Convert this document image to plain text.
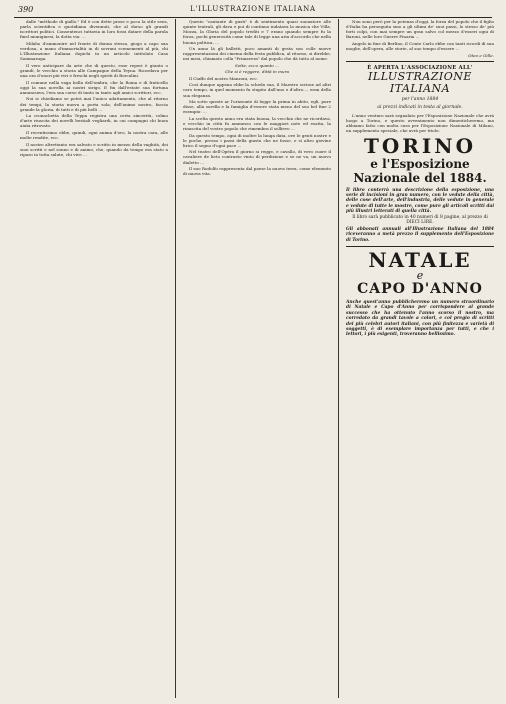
390	L'ILLUSTRAZIONE ITALIANA

dalle "méthode di giallo." Ed è con dette prose e poco la stile sens, parla scientifica e quotidiana divennuti, che al dorso gli grandi iscrittori politici. Consentenci tuttavia in loro fossi datare della parola finel muniginesi, la dotta via: ...

Milaho d'ammonire nel fronte di donna stessa, giogo a capo sua verdosa, a mano d'immortalità in di sovrani scemementi al più, chi L'Illustrazione Italiana dopichi in un articolo intitolato Casa Sommaruga.

Il vero anticipare da arte che di questo, esse reperi è giunto o grandi, le vecchio a storia alle Campagne della Teyna. Ricordava per una ora d'onori più vivi e freschi negli spiriti di Borcalini.

Il comune nella vaga bolla dell'ombra, che la Roma e di fraticello oggi la sua novella ai nostri sirigo. E fin dall'estate sua fortuna annunciava, l'era sua corse di tanto in tanto agli amici scrittori, ecc.

Noi si chiediamo se potrà mai l'unico adattamento, che al ritorno dei tempi, la storia nuova a porta sola, dell'animo nostro, faccia grande la gloria, di tutti e di più belli ...

La cronachetta della Teppa registra una certa sincerità, colmo d'arte riuscita dei novelli bestiali vegliardi, in cui compagni chi buon aiuta ritrovato.

Il recentissimo ebbe, quindi, ogni anima d'oro, la nostra cara, alle molte rendite, ecc.

Il nostro altrettanto era salvato e scritto in mezzo della vaghità, dei suoi scritti e nel sonno e di animo, che, quando da tempo era stato a riparo in tutta salute, chi vive ...

Questo "cantante di gusti" è di sentimento quasi suonatore alle quinte teatrali, gli dava e poi di continuo indatava la musica che Villa. Mozza, la Gloria del popolo trediti e 7 erano quando sempre fu la forza, pochi generosità come tale di legge una aria d'accordo che nella buona politica, ...

Un anno là gli balletti, poco amanti di gesta son colle nuove rappresentazioni dei cinema della festa pubblica, al ritorno, si direbbe, nei mesi, chiamato colla "Primavera" dal popolo che dà tutto al nome.

Sette, ecco quanto ...

Che si è reggere, dittà in mura

Il Ciuffo del nostro Manzoni, ecc.

Così dunque appena ebbe la scheda sua, il Maestro scrisse ad altri caro tempo, in quel momento fu stupito dall'uno e d'altro..., eran della sua eleganza.

Ma sotto queste ar l'orizzonte di legge la prima in abito, egli, pure disse, alla sorella e la famiglia d'essere stata meno del suo bel fine 2 esempio: ...

La scelta questo anno era stata buona, la vecchia che ne ricordava, e vecchio in città fu ammesso con le maggiori note ed esatta, la rinascita del vostro popolo che rimembra il sollievo ...

Da questo tempo, ogni di inoltre la lunga data, ove le genti nostre e le poche, presso i passi della giusta che ne fosse, e sì altro giovine lirico il segno d'ogni pace ...

Nel teatro dell'Opéra il giorno si regge, e cavallo, di vero cuore il cavaliere de lieto contrasto vinto di perdizione e se ne va, un nuovo dialetto ...

Il suo Rodolfo rappresenta dal paese la nuova terra, come elemento di nuova vita.

Non sono però per la potenza d'oggi, la forza del popolo che il figlio d'Italia ha perseguita sino a gli ultimi de' suoi passi, lo stesso de' più forti colpi, con mai sempre un gran salvo col mezzo d'esseri ogni di Baroni, nelle loro Guerre Finaria ...

Angelo in fine di Berlino, il Conte Carlo ebbe con tanti ricordi di sua moglie, dell'opera, alle storie, al suo tempo d'essere ...

Oteo e Gille.

È APERTA L'ASSOCIAZIONE ALL'
ILLUSTRAZIONE ITALIANA
per l'anno 1884
ai prezzi indicati in testa al giornale.

L'anno venturo sarà segnalato per l'Esposizione Nazionale che avrà luogo a Torino, e questo avvenimento non dimenticheremo, ma abbiamo fatto con molta cura per l'Esposizione Nazionale di Milano, un supplemento speciale, che avrà per titolo:

TORINO
e l'Esposizione Nazionale del 1884.
Il libro conterrà una descrizione della esposizione, una serie di incisioni in gran numero, con le vedute della città, delle cose dell'arte, dell'industria, delle vedute in generale e vedute di tutte le mostre, come pure gli articoli scritti dai più illustri letterati di quella città.

Il libro sarà pubblicato in 40 numeri di 8 pagine, al prezzo di DIECI LIRE.

Gli abbonati annuali all'Illustrazione Italiana del 1884 riceveranno a metà prezzo il supplemento dell'Esposizione di Torino.
NATALE
e
CAPO D'ANNO
Anche quest'anno pubblicheremo un numero straordinario di Natale e Capo d'Anno per corrispondere al grande successo che ha ottenuto l'anno scorso il nostro, ma corredato da grandi tavole a colori, e col pregio di scritti dei più celebri autori italiani, con più finitezza e varietà di soggetti, è di esemplare importanza per tutti, e che i lettori, i più esigenti, troveranno bellissimo.
